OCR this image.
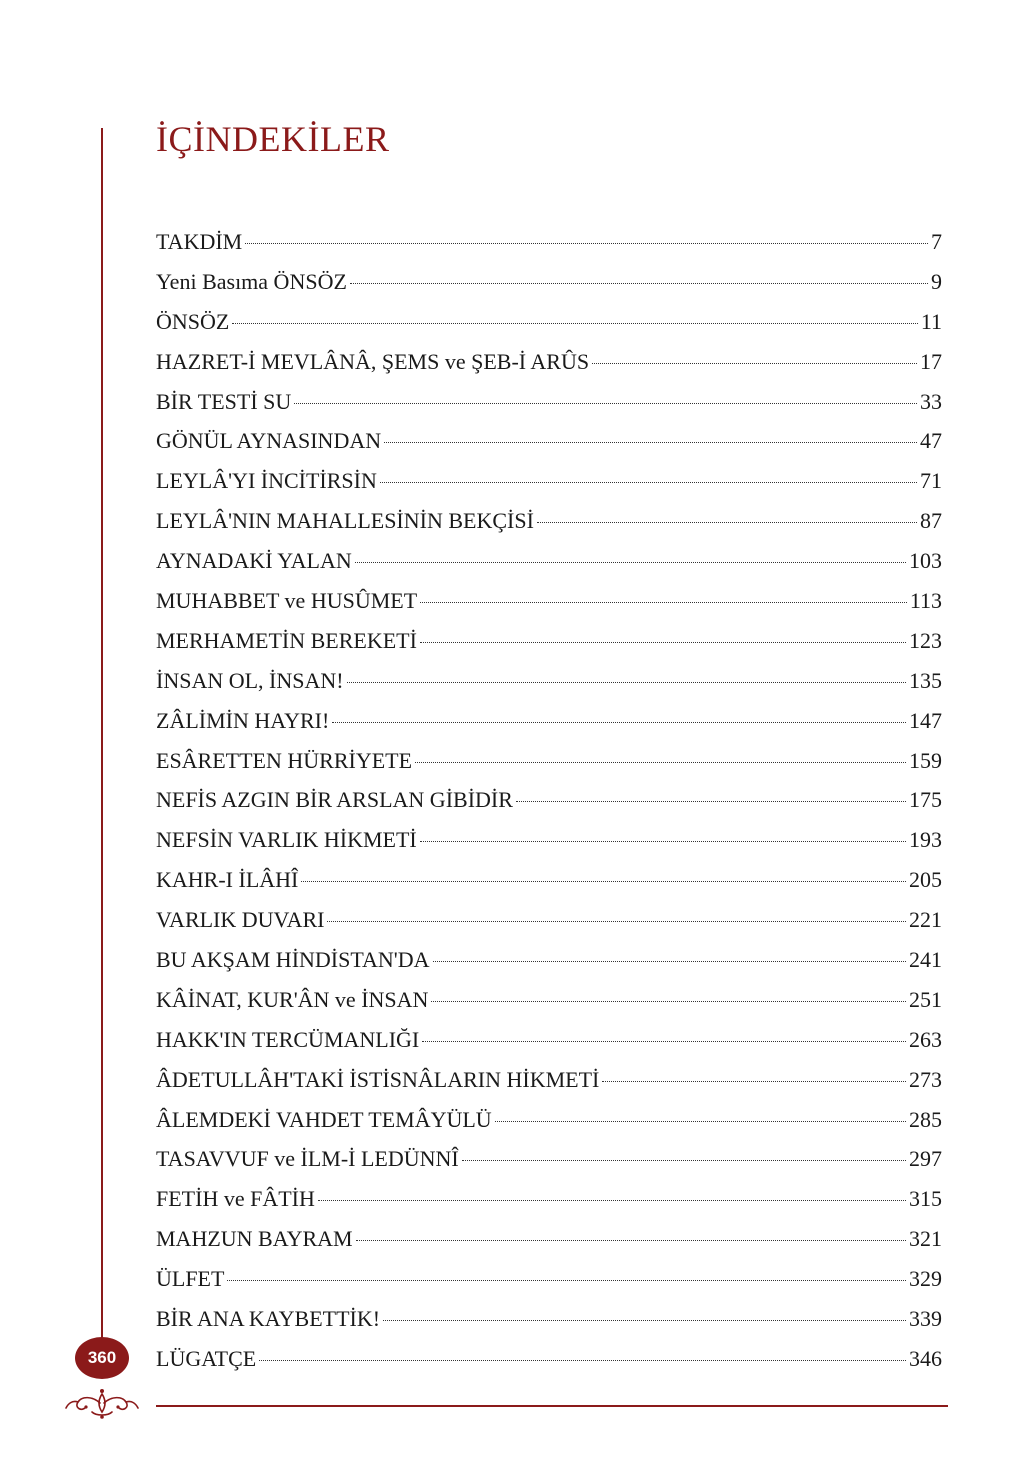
İÇİNDEKİLER
TAKDİM	7
Yeni Basıma ÖNSÖZ	9
ÖNSÖZ	11
HAZRET-İ MEVLÂNÂ, ŞEMS ve ŞEB-İ ARÛS	17
BİR TESTİ SU	33
GÖNÜL AYNASINDAN	47
LEYLÂ'YI İNCİTİRSİN	71
LEYLÂ'NIN MAHALLESİNİN BEKÇİSİ	87
AYNADAKİ YALAN	103
MUHABBET ve HUSÛMET	113
MERHAMETİN BEREKETİ	123
İNSAN OL, İNSAN!	135
ZÂLİMİN HAYRI!	147
ESÂRETTEN HÜRRİYETE	159
NEFİS AZGIN BİR ARSLAN GİBİDİR	175
NEFSİN VARLIK HİKMETİ	193
KAHR-I İLÂHÎ	205
VARLIK DUVARI	221
BU AKŞAM HİNDİSTAN'DA	241
KÂİNAT, KUR'ÂN ve İNSAN	251
HAKK'IN TERCÜMANLIĞI	263
ÂDETULLÂH'TAKİ İSTİSNÂLARIN HİKMETİ	273
ÂLEMDEKİ VAHDET TEMÂYÜLÜ	285
TASAVVUF ve İLM-İ LEDÜNNÎ	297
FETİH ve FÂTİH	315
MAHZUN BAYRAM	321
ÜLFET	329
BİR ANA KAYBETTİK!	339
LÜGATÇE	346
360
